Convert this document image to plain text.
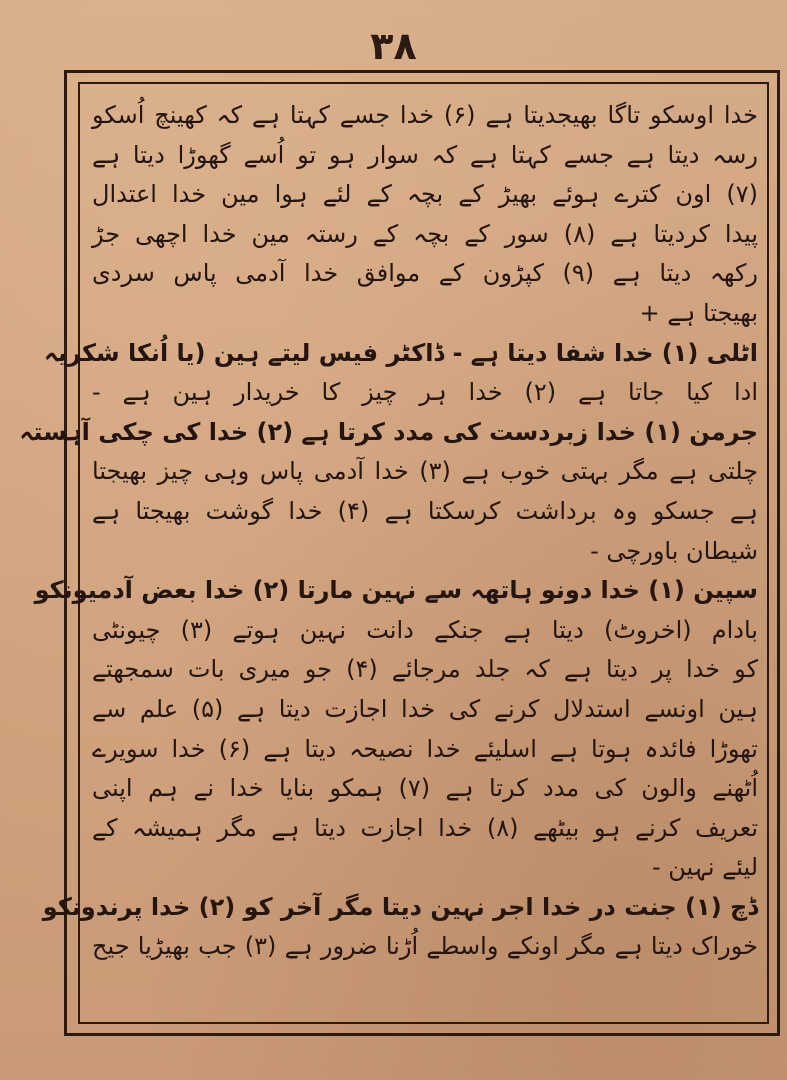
۳۸
خدا اوسکو تاگا بھیجدیتا ہے (۶) خدا جسے کہتا ہے کہ کھینچ اُسکو
رسہ دیتا ہے جسے کہتا ہے کہ سوار ہو تو اُسے گھوڑا دیتا ہے
(۷) اون کترے ہوئے بھیڑ کے بچہ کے لئے ہوا مین خدا اعتدال
پیدا کردیتا ہے (۸) سور کے بچہ کے رستہ مین خدا اچھی جڑ
رکھہ دیتا ہے (۹) کپڑون کے موافق خدا آدمی پاس سردی
بھیجتا ہے +
اٹلی (۱) خدا شفا دیتا ہے - ڈاکٹر فیس لیتے ہین (یا اُنکا شکریہ
ادا کیا جاتا ہے (۲) خدا ہر چیز کا خریدار ہین ہے -
جرمن (۱) خدا زبردست کی مدد کرتا ہے (۲) خدا کی چکی آہستہ
چلتی ہے مگر بہتی خوب ہے (۳) خدا آدمی پاس وہی چیز بھیجتا
ہے جسکو وہ برداشت کرسکتا ہے (۴) خدا گوشت بھیجتا ہے
شیطان باورچی -
سپین (۱) خدا دونو ہاتھہ سے نہین مارتا (۲) خدا بعض آدمیونکو
بادام (اخروٹ) دیتا ہے جنکے دانت نہین ہوتے (۳) چیونٹی
کو خدا پر دیتا ہے کہ جلد مرجائے (۴) جو میری بات سمجھتے
ہین اونسے استدلال کرنے کی خدا اجازت دیتا ہے (۵) علم سے
تھوڑا فائدہ ہوتا ہے اسلیئے خدا نصیحہ دیتا ہے (۶) خدا سویرے
اُٹھنے والون کی مدد کرتا ہے (۷) ہمکو بنایا خدا نے ہم اپنی
تعریف کرنے ہو بیٹھے (۸) خدا اجازت دیتا ہے مگر ہمیشہ کے
لیئے نہین -
ڈچ (۱) جنت در خدا اجر نہین دیتا مگر آخر کو (۲) خدا پرندونکو
خوراک دیتا ہے مگر اونکے واسطے اُڑنا ضرور ہے (۳) جب بھیڑیا جیح
